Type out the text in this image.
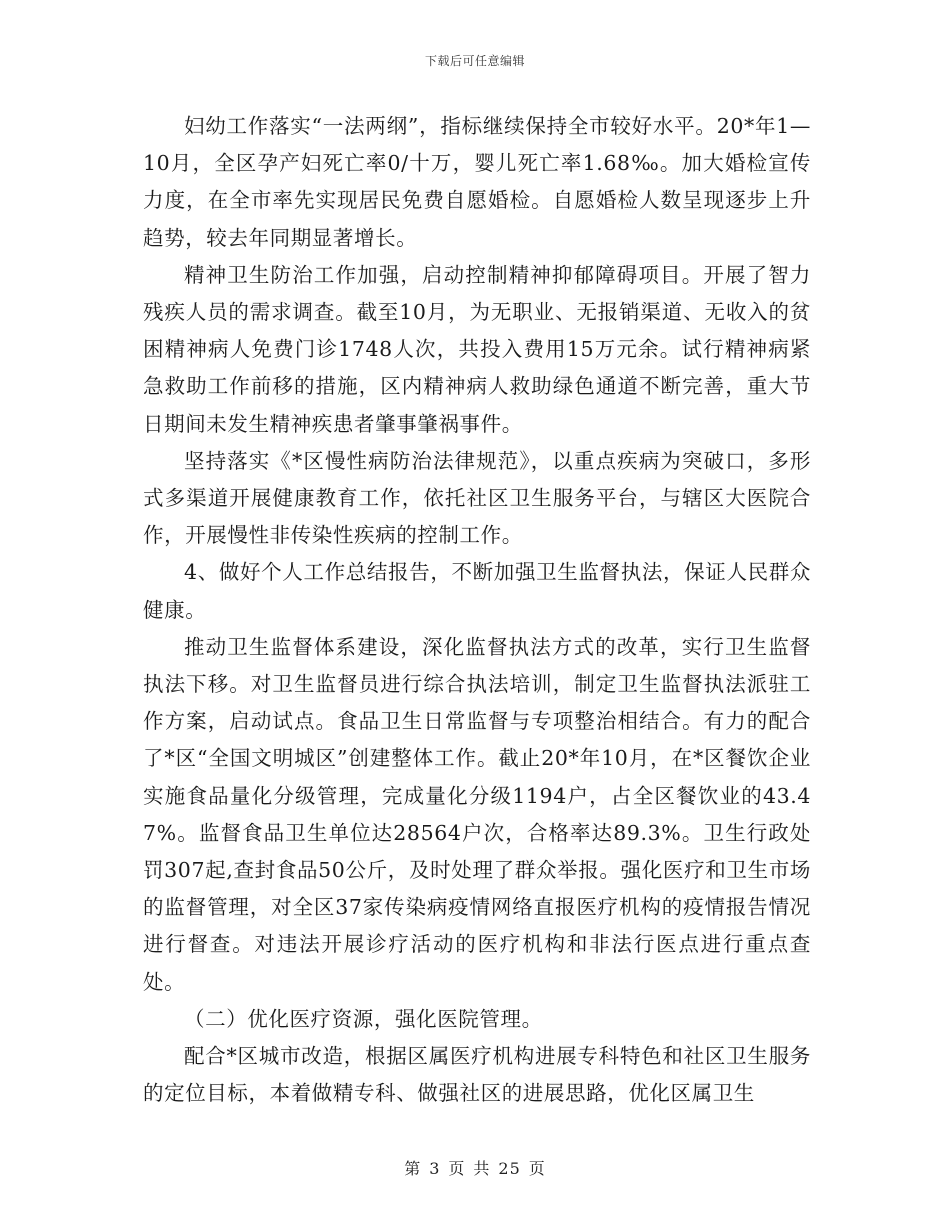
下载后可任意编辑

妇幼工作落实“一法两纲”，指标继续保持全市较好水平。20*年1—10月，全区孕产妇死亡率0/十万，婴儿死亡率1.68‰。加大婚检宣传力度，在全市率先实现居民免费自愿婚检。自愿婚检人数呈现逐步上升趋势，较去年同期显著增长。

精神卫生防治工作加强，启动控制精神抑郁障碍项目。开展了智力残疾人员的需求调查。截至10月，为无职业、无报销渠道、无收入的贫困精神病人免费门诊1748人次，共投入费用15万元余。试行精神病紧急救助工作前移的措施，区内精神病人救助绿色通道不断完善，重大节日期间未发生精神疾患者肇事肇祸事件。

坚持落实《*区慢性病防治法律规范》，以重点疾病为突破口，多形式多渠道开展健康教育工作，依托社区卫生服务平台，与辖区大医院合作，开展慢性非传染性疾病的控制工作。

4、做好个人工作总结报告，不断加强卫生监督执法，保证人民群众健康。

推动卫生监督体系建设，深化监督执法方式的改革，实行卫生监督执法下移。对卫生监督员进行综合执法培训，制定卫生监督执法派驻工作方案，启动试点。食品卫生日常监督与专项整治相结合。有力的配合了*区“全国文明城区”创建整体工作。截止20*年10月，在*区餐饮企业实施食品量化分级管理，完成量化分级1194户，占全区餐饮业的43.47%。监督食品卫生单位达28564户次，合格率达89.3%。卫生行政处罚307起,查封食品50公斤，及时处理了群众举报。强化医疗和卫生市场的监督管理，对全区37家传染病疫情网络直报医疗机构的疫情报告情况进行督查。对违法开展诊疗活动的医疗机构和非法行医点进行重点查处。

（二）优化医疗资源，强化医院管理。

配合*区城市改造，根据区属医疗机构进展专科特色和社区卫生服务的定位目标，本着做精专科、做强社区的进展思路，优化区属卫生

第 3 页 共 25 页
